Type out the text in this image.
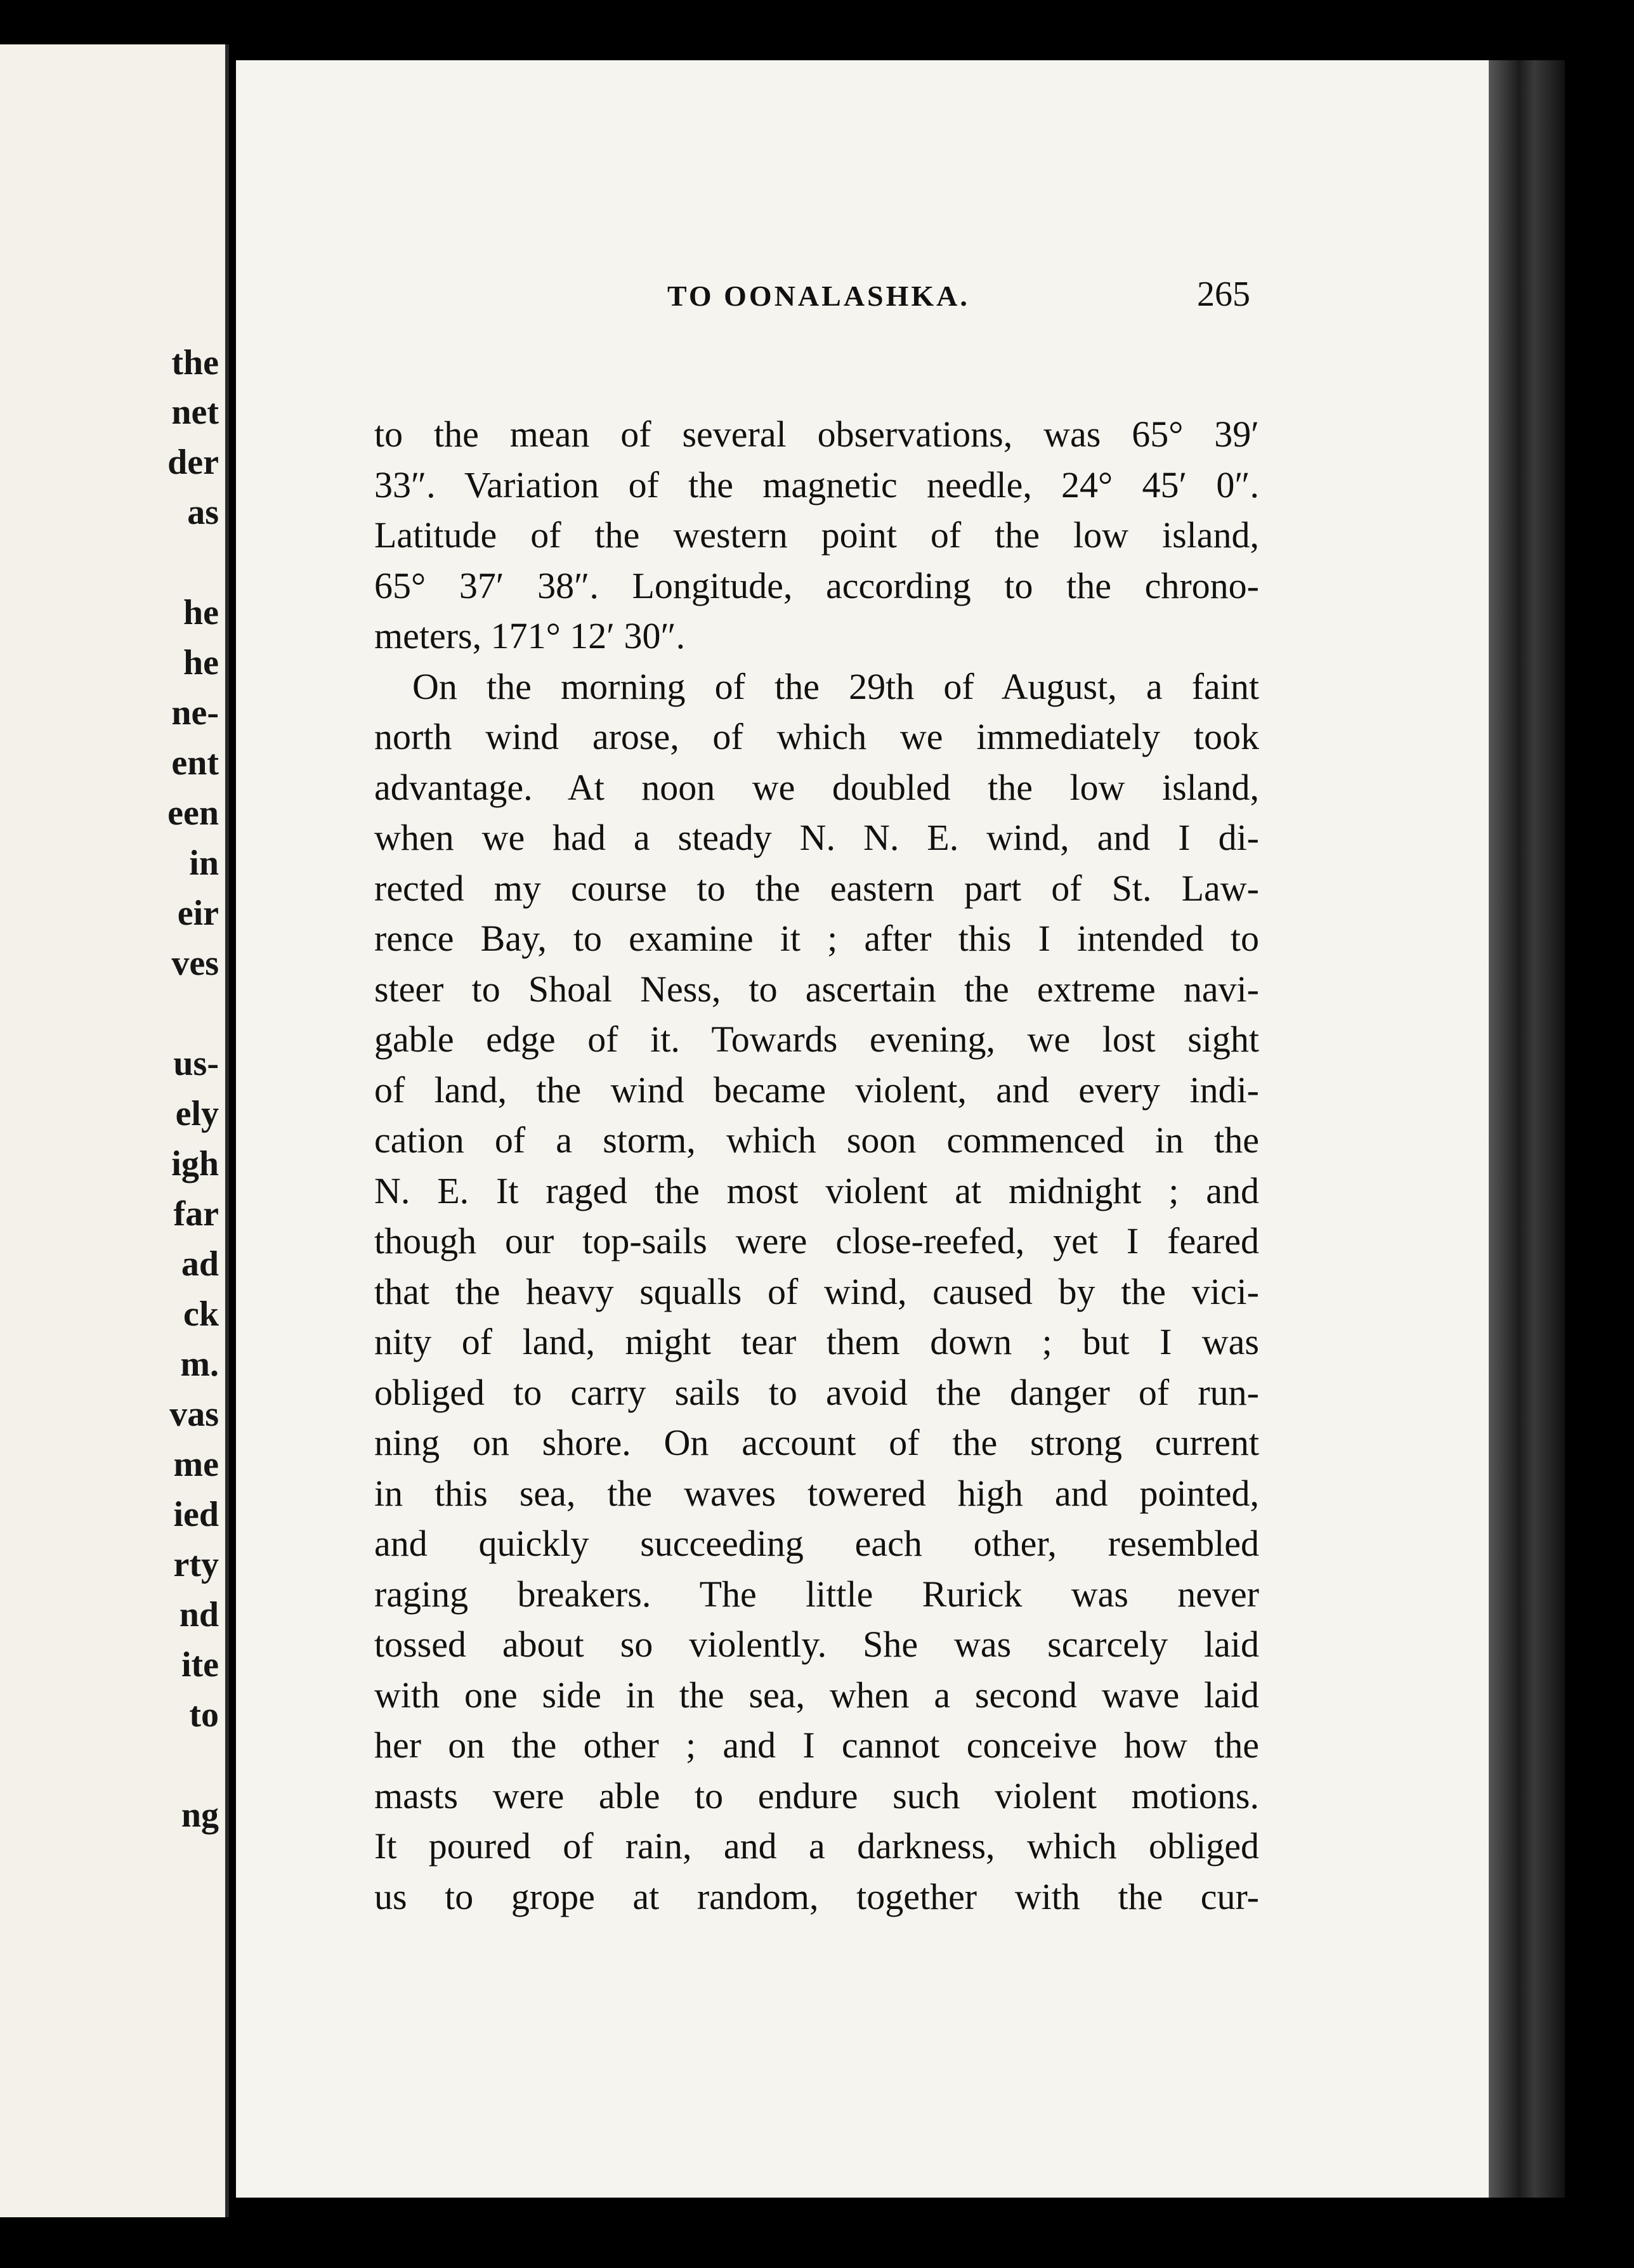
the
net
der
as
he
he
ne-
ent
een
in
eir
ves
us-
ely
igh
far
ad
ck
m.
vas
me
ied
rty
nd
ite
to
ng
TO OONALASHKA.	265
to the mean of several observations, was 65° 39′
33″. Variation of the magnetic needle, 24° 45′ 0″.
Latitude of the western point of the low island,
65° 37′ 38″. Longitude, according to the chrono-
meters, 171° 12′ 30″.
On the morning of the 29th of August, a faint
north wind arose, of which we immediately took
advantage. At noon we doubled the low island,
when we had a steady N. N. E. wind, and I di-
rected my course to the eastern part of St. Law-
rence Bay, to examine it ; after this I intended to
steer to Shoal Ness, to ascertain the extreme navi-
gable edge of it. Towards evening, we lost sight
of land, the wind became violent, and every indi-
cation of a storm, which soon commenced in the
N. E. It raged the most violent at midnight ; and
though our top-sails were close-reefed, yet I feared
that the heavy squalls of wind, caused by the vici-
nity of land, might tear them down ; but I was
obliged to carry sails to avoid the danger of run-
ning on shore. On account of the strong current
in this sea, the waves towered high and pointed,
and quickly succeeding each other, resembled
raging breakers. The little Rurick was never
tossed about so violently. She was scarcely laid
with one side in the sea, when a second wave laid
her on the other ; and I cannot conceive how the
masts were able to endure such violent motions.
It poured of rain, and a darkness, which obliged
us to grope at random, together with the cur-
